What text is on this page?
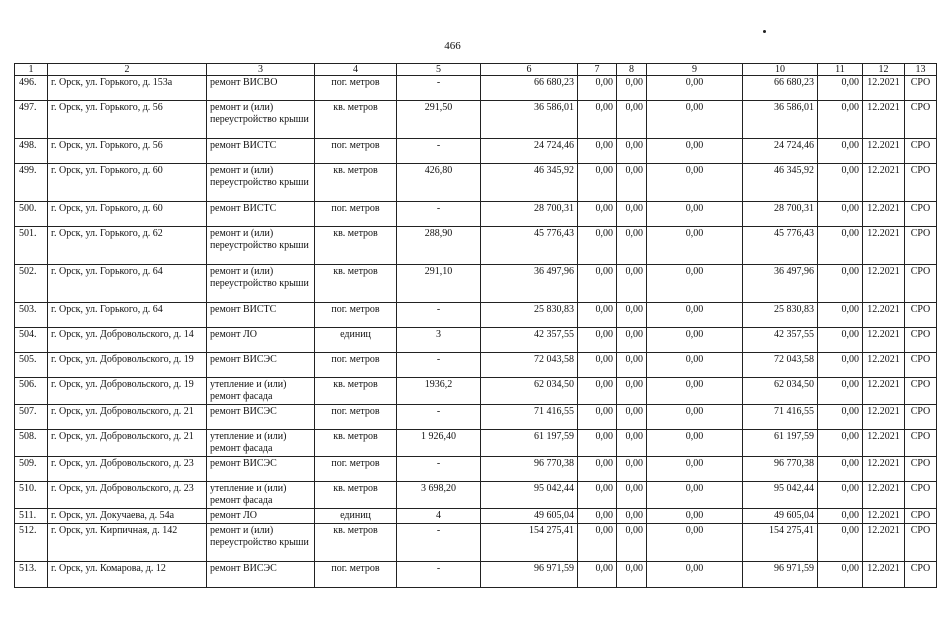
466
1	2	3	4	5	6	7	8	9	10	11	12	13
496.	г. Орск, ул. Горького, д. 153а	ремонт ВИСВО	пог. метров	-	66 680,23	0,00	0,00	0,00	66 680,23	0,00	12.2021	СРО
497.	г. Орск, ул. Горького, д. 56	ремонт и (или) переустройство крыши	кв. метров	291,50	36 586,01	0,00	0,00	0,00	36 586,01	0,00	12.2021	СРО
498.	г. Орск, ул. Горького, д. 56	ремонт ВИСТС	пог. метров	-	24 724,46	0,00	0,00	0,00	24 724,46	0,00	12.2021	СРО
499.	г. Орск, ул. Горького, д. 60	ремонт и (или) переустройство крыши	кв. метров	426,80	46 345,92	0,00	0,00	0,00	46 345,92	0,00	12.2021	СРО
500.	г. Орск, ул. Горького, д. 60	ремонт ВИСТС	пог. метров	-	28 700,31	0,00	0,00	0,00	28 700,31	0,00	12.2021	СРО
501.	г. Орск, ул. Горького, д. 62	ремонт и (или) переустройство крыши	кв. метров	288,90	45 776,43	0,00	0,00	0,00	45 776,43	0,00	12.2021	СРО
502.	г. Орск, ул. Горького, д. 64	ремонт и (или) переустройство крыши	кв. метров	291,10	36 497,96	0,00	0,00	0,00	36 497,96	0,00	12.2021	СРО
503.	г. Орск, ул. Горького, д. 64	ремонт ВИСТС	пог. метров	-	25 830,83	0,00	0,00	0,00	25 830,83	0,00	12.2021	СРО
504.	г. Орск, ул. Добровольского, д. 14	ремонт ЛО	единиц	3	42 357,55	0,00	0,00	0,00	42 357,55	0,00	12.2021	СРО
505.	г. Орск, ул. Добровольского, д. 19	ремонт ВИСЭС	пог. метров	-	72 043,58	0,00	0,00	0,00	72 043,58	0,00	12.2021	СРО
506.	г. Орск, ул. Добровольского, д. 19	утепление и (или) ремонт фасада	кв. метров	1936,2	62 034,50	0,00	0,00	0,00	62 034,50	0,00	12.2021	СРО
507.	г. Орск, ул. Добровольского, д. 21	ремонт ВИСЭС	пог. метров	-	71 416,55	0,00	0,00	0,00	71 416,55	0,00	12.2021	СРО
508.	г. Орск, ул. Добровольского, д. 21	утепление и (или) ремонт фасада	кв. метров	1 926,40	61 197,59	0,00	0,00	0,00	61 197,59	0,00	12.2021	СРО
509.	г. Орск, ул. Добровольского, д. 23	ремонт ВИСЭС	пог. метров	-	96 770,38	0,00	0,00	0,00	96 770,38	0,00	12.2021	СРО
510.	г. Орск, ул. Добровольского, д. 23	утепление и (или) ремонт фасада	кв. метров	3 698,20	95 042,44	0,00	0,00	0,00	95 042,44	0,00	12.2021	СРО
511.	г. Орск, ул. Докучаева, д. 54а	ремонт ЛО	единиц	4	49 605,04	0,00	0,00	0,00	49 605,04	0,00	12.2021	СРО
512.	г. Орск, ул. Кирпичная, д. 142	ремонт и (или) переустройство крыши	кв. метров	-	154 275,41	0,00	0,00	0,00	154 275,41	0,00	12.2021	СРО
513.	г. Орск, ул. Комарова, д. 12	ремонт ВИСЭС	пог. метров	-	96 971,59	0,00	0,00	0,00	96 971,59	0,00	12.2021	СРО
